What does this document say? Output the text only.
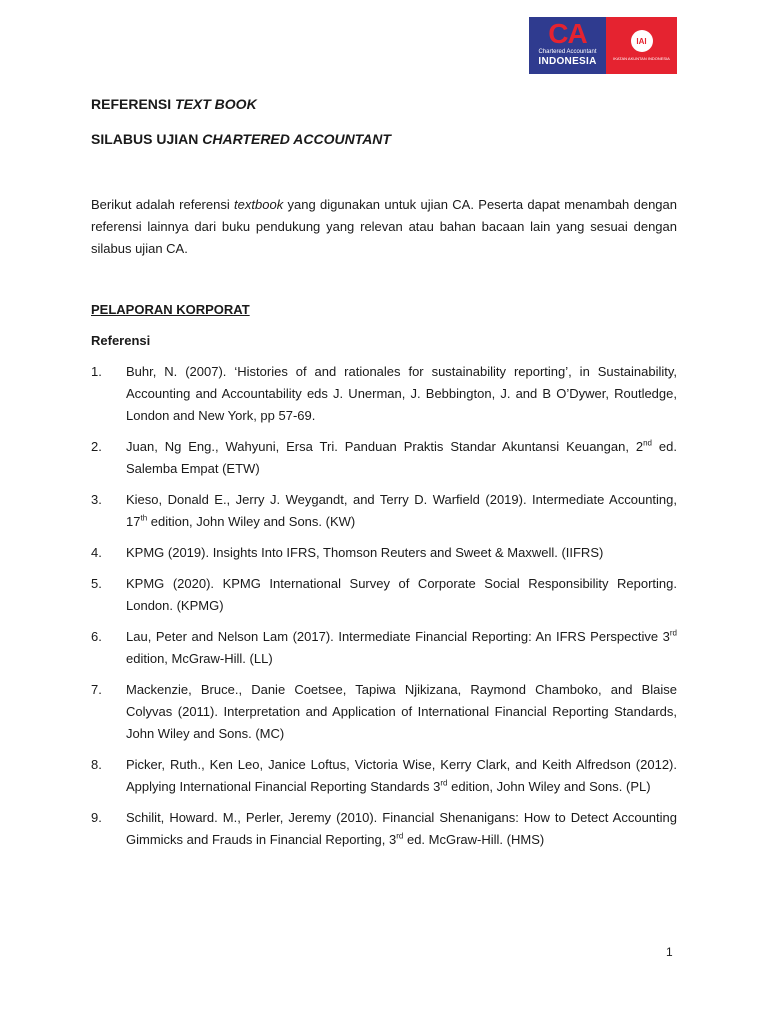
CA
Chartered Accountant
INDONESIA
IAI
IKATAN AKUNTAN INDONESIA
REFERENSI TEXT BOOK
SILABUS UJIAN CHARTERED ACCOUNTANT
Berikut adalah referensi textbook yang digunakan untuk ujian CA. Peserta dapat menambah dengan referensi lainnya dari buku pendukung yang relevan atau bahan bacaan lain yang sesuai dengan silabus ujian CA.
PELAPORAN KORPORAT
Referensi
1.	Buhr, N. (2007). ‘Histories of and rationales for sustainability reporting’, in Sustainability, Accounting and Accountability eds J. Unerman, J. Bebbington, J. and B O’Dywer, Routledge, London and New York, pp 57-69.
2.	Juan, Ng Eng., Wahyuni, Ersa Tri. Panduan Praktis Standar Akuntansi Keuangan, 2nd ed. Salemba Empat (ETW)
3.	Kieso, Donald E., Jerry J. Weygandt, and Terry D. Warfield (2019). Intermediate Accounting, 17th edition, John Wiley and Sons. (KW)
4.	KPMG (2019). Insights Into IFRS, Thomson Reuters and Sweet & Maxwell. (IIFRS)
5.	KPMG (2020). KPMG International Survey of Corporate Social Responsibility Reporting. London. (KPMG)
6.	Lau, Peter and Nelson Lam (2017). Intermediate Financial Reporting: An IFRS Perspective 3rd edition, McGraw-Hill. (LL)
7.	Mackenzie, Bruce., Danie Coetsee, Tapiwa Njikizana, Raymond Chamboko, and Blaise Colyvas (2011). Interpretation and Application of International Financial Reporting Standards, John Wiley and Sons. (MC)
8.	Picker, Ruth., Ken Leo, Janice Loftus, Victoria Wise, Kerry Clark, and Keith Alfredson (2012). Applying International Financial Reporting Standards 3rd edition, John Wiley and Sons. (PL)
9.	Schilit, Howard. M., Perler, Jeremy (2010). Financial Shenanigans: How to Detect Accounting Gimmicks and Frauds in Financial Reporting, 3rd ed. McGraw-Hill. (HMS)
1
